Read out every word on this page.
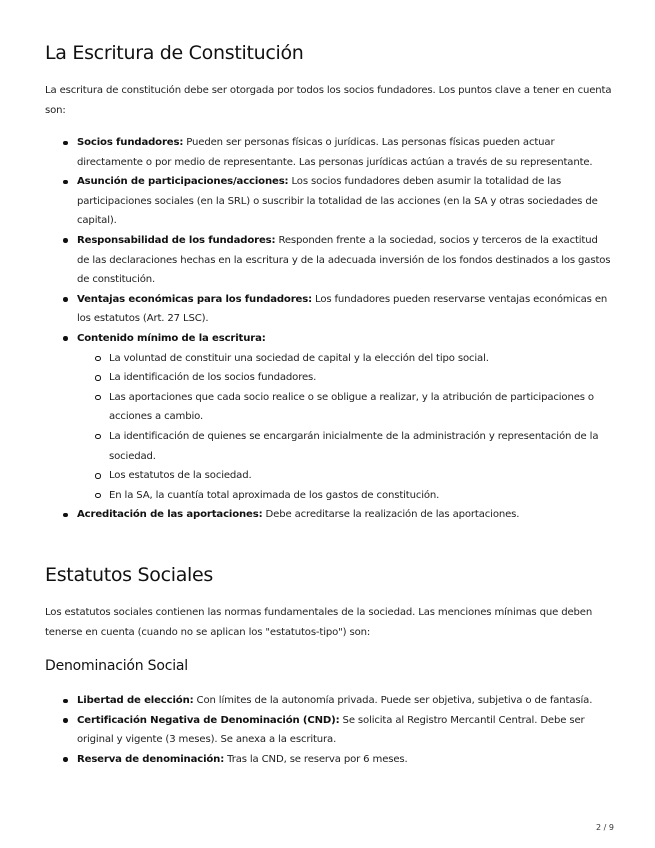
La Escritura de Constitución

La escritura de constitución debe ser otorgada por todos los socios fundadores. Los puntos clave a tener en cuenta son:

Socios fundadores: Pueden ser personas físicas o jurídicas. Las personas físicas pueden actuar directamente o por medio de representante. Las personas jurídicas actúan a través de su representante.
Asunción de participaciones/acciones: Los socios fundadores deben asumir la totalidad de las participaciones sociales (en la SRL) o suscribir la totalidad de las acciones (en la SA y otras sociedades de capital).
Responsabilidad de los fundadores: Responden frente a la sociedad, socios y terceros de la exactitud de las declaraciones hechas en la escritura y de la adecuada inversión de los fondos destinados a los gastos de constitución.
Ventajas económicas para los fundadores: Los fundadores pueden reservarse ventajas económicas en los estatutos (Art. 27 LSC).
Contenido mínimo de la escritura:
La voluntad de constituir una sociedad de capital y la elección del tipo social.
La identificación de los socios fundadores.
Las aportaciones que cada socio realice o se obligue a realizar, y la atribución de participaciones o acciones a cambio.
La identificación de quienes se encargarán inicialmente de la administración y representación de la sociedad.
Los estatutos de la sociedad.
En la SA, la cuantía total aproximada de los gastos de constitución.
Acreditación de las aportaciones: Debe acreditarse la realización de las aportaciones.
Estatutos Sociales

Los estatutos sociales contienen las normas fundamentales de la sociedad. Las menciones mínimas que deben tenerse en cuenta (cuando no se aplican los "estatutos-tipo") son:

Denominación Social
Libertad de elección: Con límites de la autonomía privada. Puede ser objetiva, subjetiva o de fantasía.
Certificación Negativa de Denominación (CND): Se solicita al Registro Mercantil Central. Debe ser original y vigente (3 meses). Se anexa a la escritura.
Reserva de denominación: Tras la CND, se reserva por 6 meses.
2 / 9
